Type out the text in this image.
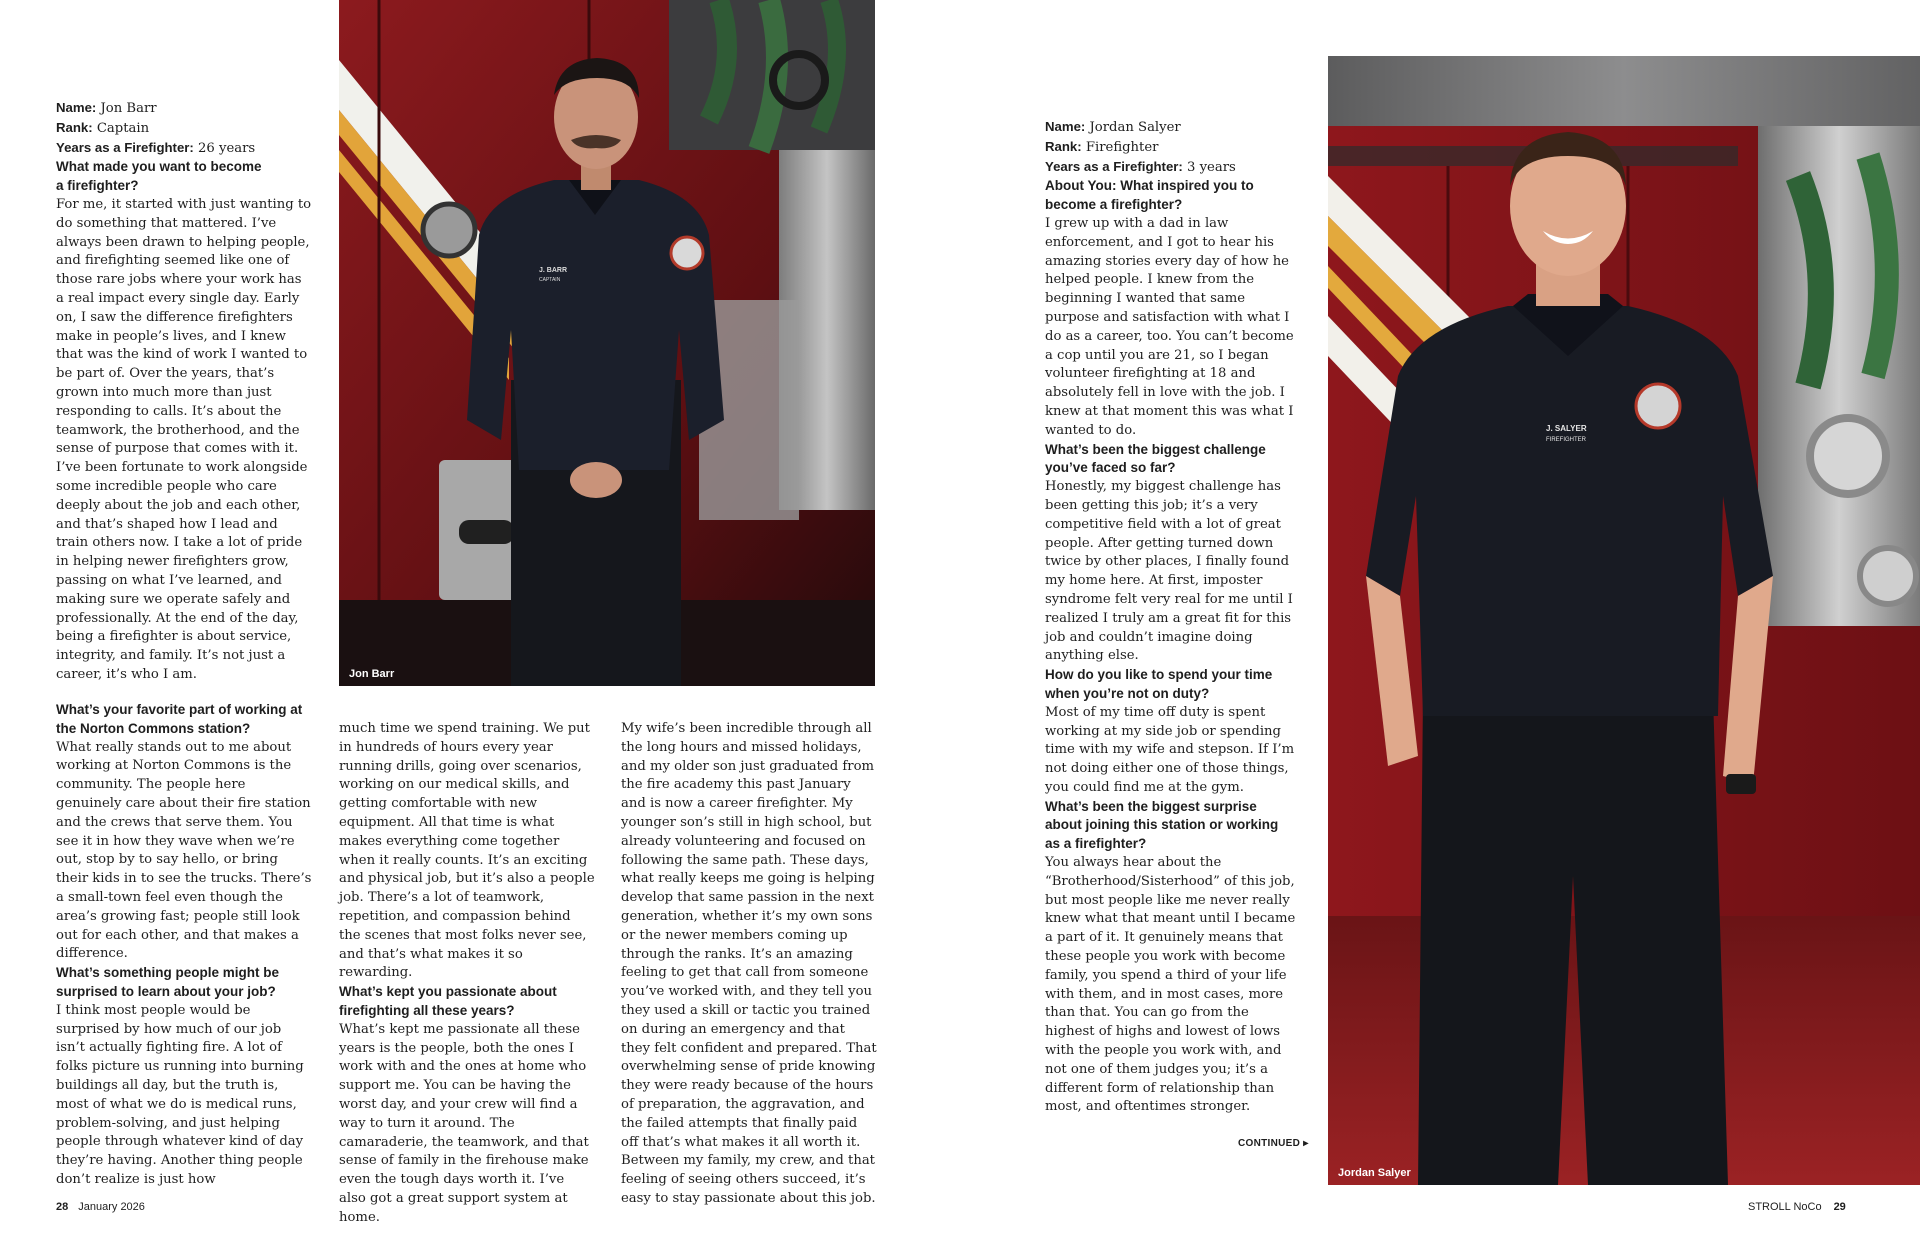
Name: Jon Barr

Rank: Captain

Years as a Firefighter: 26 years

What made you want to become a firefighter?

For me, it started with just wanting to do something that mattered. I’ve always been drawn to helping people, and firefighting seemed like one of those rare jobs where your work has a real impact every single day. Early on, I saw the difference firefighters make in people’s lives, and I knew that was the kind of work I wanted to be part of. Over the years, that’s grown into much more than just responding to calls. It’s about the teamwork, the brotherhood, and the sense of purpose that comes with it. I’ve been fortunate to work alongside some incredible people who care deeply about the job and each other, and that’s shaped how I lead and train others now. I take a lot of pride in helping newer firefighters grow, passing on what I’ve learned, and making sure we operate safely and professionally. At the end of the day, being a firefighter is about service, integrity, and family. It’s not just a career, it’s who I am.

What’s your favorite part of working at the Norton Commons station?

What really stands out to me about working at Norton Commons is the community. The people here genuinely care about their fire station and the crews that serve them. You see it in how they wave when we’re out, stop by to say hello, or bring their kids in to see the trucks. There’s a small-town feel even though the area’s growing fast; people still look out for each other, and that makes a difference.

What’s something people might be surprised to learn about your job?

I think most people would be surprised by how much of our job isn’t actually fighting fire. A lot of folks picture us running into burning buildings all day, but the truth is, most of what we do is medical runs, problem-solving, and just helping people through whatever kind of day they’re having. Another thing people don’t realize is just how

much time we spend training. We put in hundreds of hours every year running drills, going over scenarios, working on our medical skills, and getting comfortable with new equipment. All that time is what makes everything come together when it really counts. It’s an exciting and physical job, but it’s also a people job. There’s a lot of teamwork, repetition, and compassion behind the scenes that most folks never see, and that’s what makes it so rewarding.

What’s kept you passionate about firefighting all these years?

What’s kept me passionate all these years is the people, both the ones I work with and the ones at home who support me. You can be having the worst day, and your crew will find a way to turn it around. The camaraderie, the teamwork, and that sense of family in the firehouse make even the tough days worth it. I’ve also got a great support system at home.

My wife’s been incredible through all the long hours and missed holidays, and my older son just graduated from the fire academy this past January and is now a career firefighter. My younger son’s still in high school, but already volunteering and focused on following the same path. These days, what really keeps me going is helping develop that same passion in the next generation, whether it’s my own sons or the newer members coming up through the ranks. It’s an amazing feeling to get that call from someone you’ve worked with, and they tell you they used a skill or tactic you trained on during an emergency and that they felt confident and prepared. That overwhelming sense of pride knowing they were ready because of the hours of preparation, the aggravation, and the failed attempts that finally paid off that’s what makes it all worth it. Between my family, my crew, and that feeling of seeing others succeed, it’s easy to stay passionate about this job.

J. BARR
CAPTAIN
Jon Barr
28 January 2026
J. SALYER
FIREFIGHTER
Jordan Salyer

Name: Jordan Salyer

Rank: Firefighter

Years as a Firefighter: 3 years

About You: What inspired you to become a firefighter?

I grew up with a dad in law enforcement, and I got to hear his amazing stories every day of how he helped people. I knew from the beginning I wanted that same purpose and satisfaction with what I do as a career, too. You can’t become a cop until you are 21, so I began volunteer firefighting at 18 and absolutely fell in love with the job. I knew at that moment this was what I wanted to do.

What’s been the biggest challenge you’ve faced so far?

Honestly, my biggest challenge has been getting this job; it’s a very competitive field with a lot of great people. After getting turned down twice by other places, I finally found my home here. At first, imposter syndrome felt very real for me until I realized I truly am a great fit for this job and couldn’t imagine doing anything else.

How do you like to spend your time when you’re not on duty?

Most of my time off duty is spent working at my side job or spending time with my wife and stepson. If I’m not doing either one of those things, you could find me at the gym.

What’s been the biggest surprise about joining this station or working as a firefighter?

You always hear about the “Brotherhood/Sisterhood” of this job, but most people like me never really knew what that meant until I became a part of it. It genuinely means that these people you work with become family, you spend a third of your life with them, and in most cases, more than that. You can go from the highest of highs and lowest of lows with the people you work with, and not one of them judges you; it’s a different form of relationship than most, and oftentimes stronger.

CONTINUED ▸
STROLL NoCo 29
